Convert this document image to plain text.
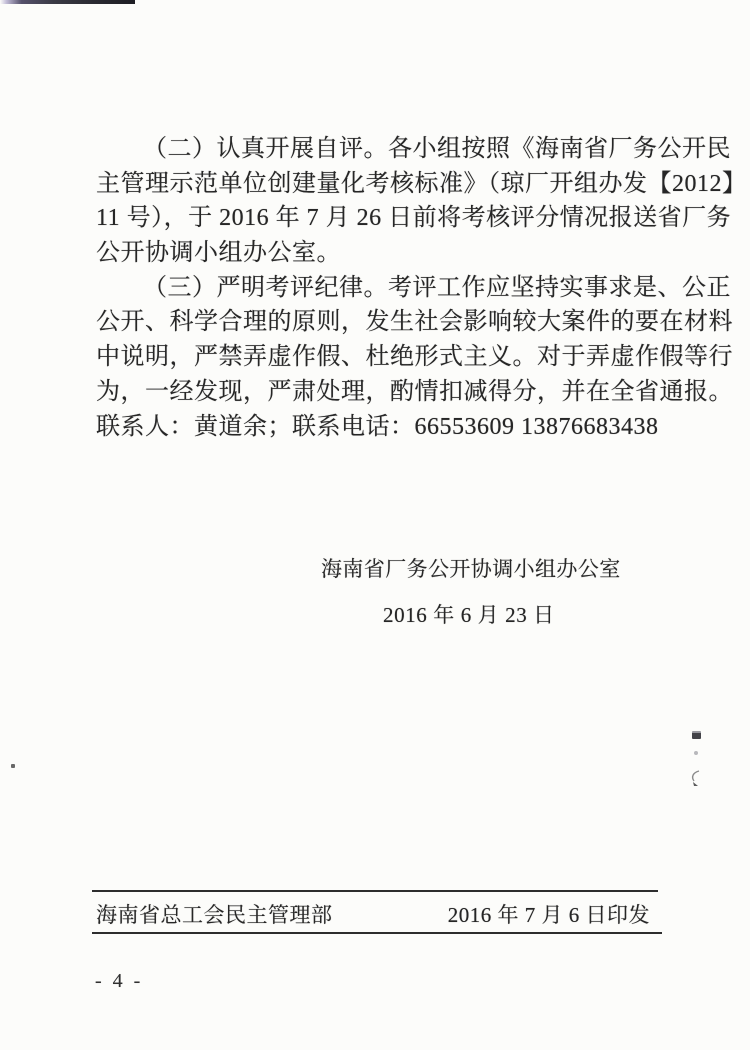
（二）认真开展自评。各小组按照《海南省厂务公开民
主管理示范单位创建量化考核标准》（琼厂开组办发【2012】
11 号），于 2016 年 7 月 26 日前将考核评分情况报送省厂务
公开协调小组办公室。
（三）严明考评纪律。考评工作应坚持实事求是、公正
公开、科学合理的原则，发生社会影响较大案件的要在材料
中说明，严禁弄虚作假、杜绝形式主义。对于弄虚作假等行
为，一经发现，严肃处理，酌情扣减得分，并在全省通报。
联系人：黄道余；联系电话：66553609 13876683438
海南省厂务公开协调小组办公室
2016 年 6 月 23 日
海南省总工会民主管理部	2016 年 7 月 6 日印发
- 4 -
